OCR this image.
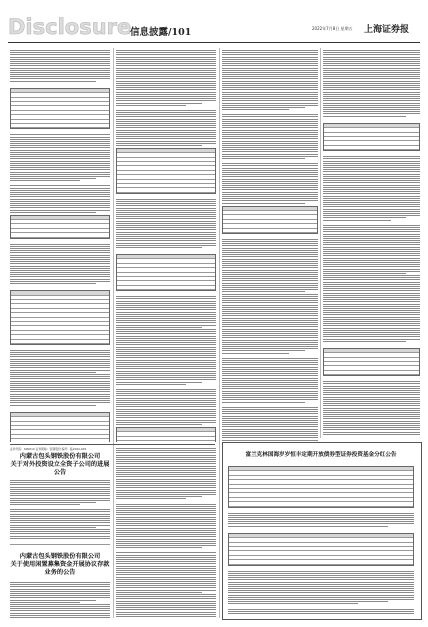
Disclosure
信息披露/101	2022年7月8日 星期五 上海证券报
证券代码：600010 证券简称：包钢股份 编号：临2022-045
内蒙古包头钢铁股份有限公司
关于对外投资设立全资子公司的进展
公告
内蒙古包头钢铁股份有限公司
关于使用闲置募集资金开展协议存款
业务的公告
富兰克林国海岁岁恒丰定期开放债券型证券投资基金分红公告
